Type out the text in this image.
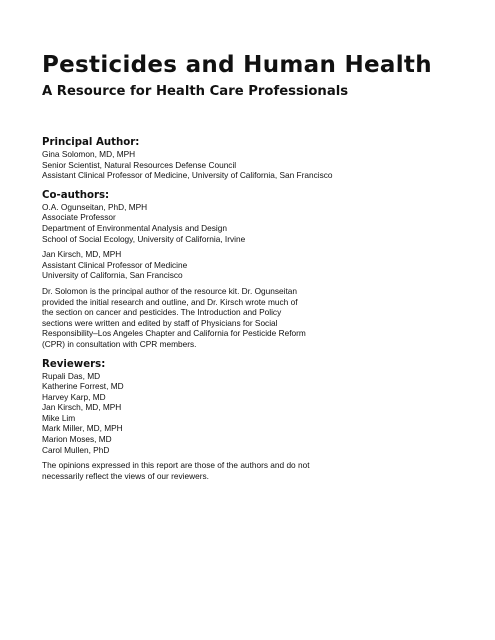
Pesticides and Human Health
A Resource for Health Care Professionals

Principal Author:

Gina Solomon, MD, MPH

Senior Scientist, Natural Resources Defense Council

Assistant Clinical Professor of Medicine, University of California, San Francisco

Co-authors:

O.A. Ogunseitan, PhD, MPH

Associate Professor

Department of Environmental Analysis and Design

School of Social Ecology, University of California, Irvine

Jan Kirsch, MD, MPH

Assistant Clinical Professor of Medicine

University of California, San Francisco

Dr. Solomon is the principal author of the resource kit. Dr. Ogunseitan provided the initial research and outline, and Dr. Kirsch wrote much of the section on cancer and pesticides. The Introduction and Policy sections were written and edited by staff of Physicians for Social Responsibility–Los Angeles Chapter and California for Pesticide Reform (CPR) in consultation with CPR members.

Reviewers:

Rupali Das, MD

Katherine Forrest, MD

Harvey Karp, MD

Jan Kirsch, MD, MPH

Mike Lim

Mark Miller, MD, MPH

Marion Moses, MD

Carol Mullen, PhD

The opinions expressed in this report are those of the authors and do not necessarily reflect the views of our reviewers.
